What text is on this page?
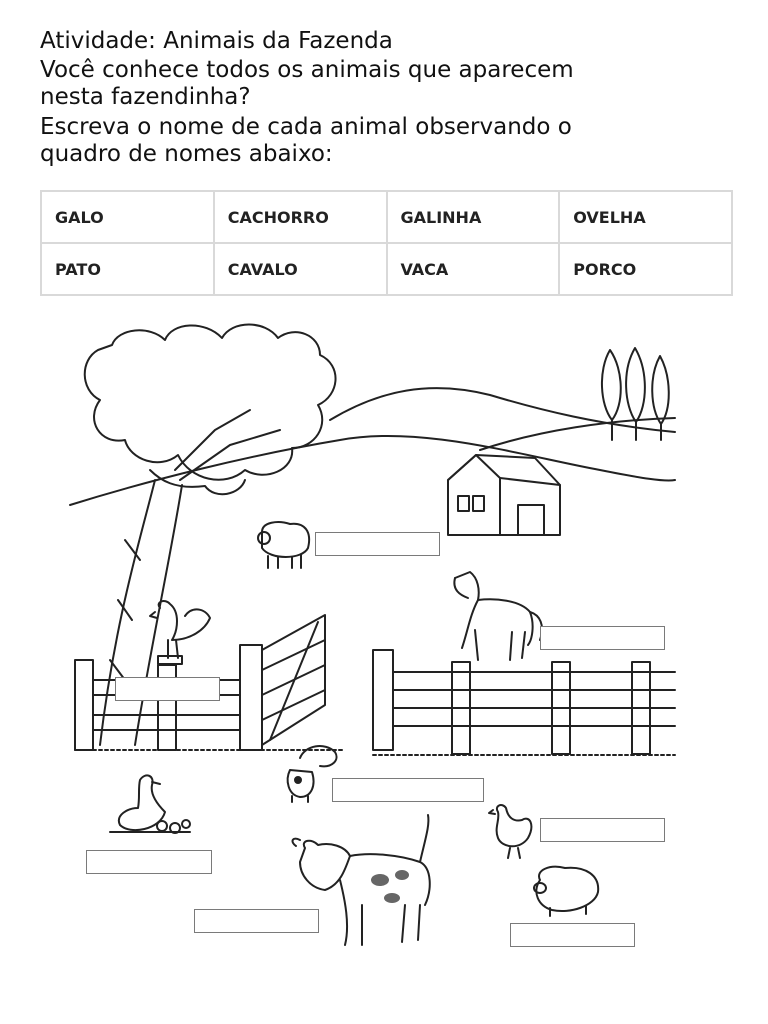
Atividade: Animais da Fazenda

Você conhece todos os animais que aparecem

nesta fazendinha?

Escreva o nome de cada animal observando o

quadro de nomes abaixo:

GALO	CACHORRO	GALINHA	OVELHA
PATO	CAVALO	VACA	PORCO
